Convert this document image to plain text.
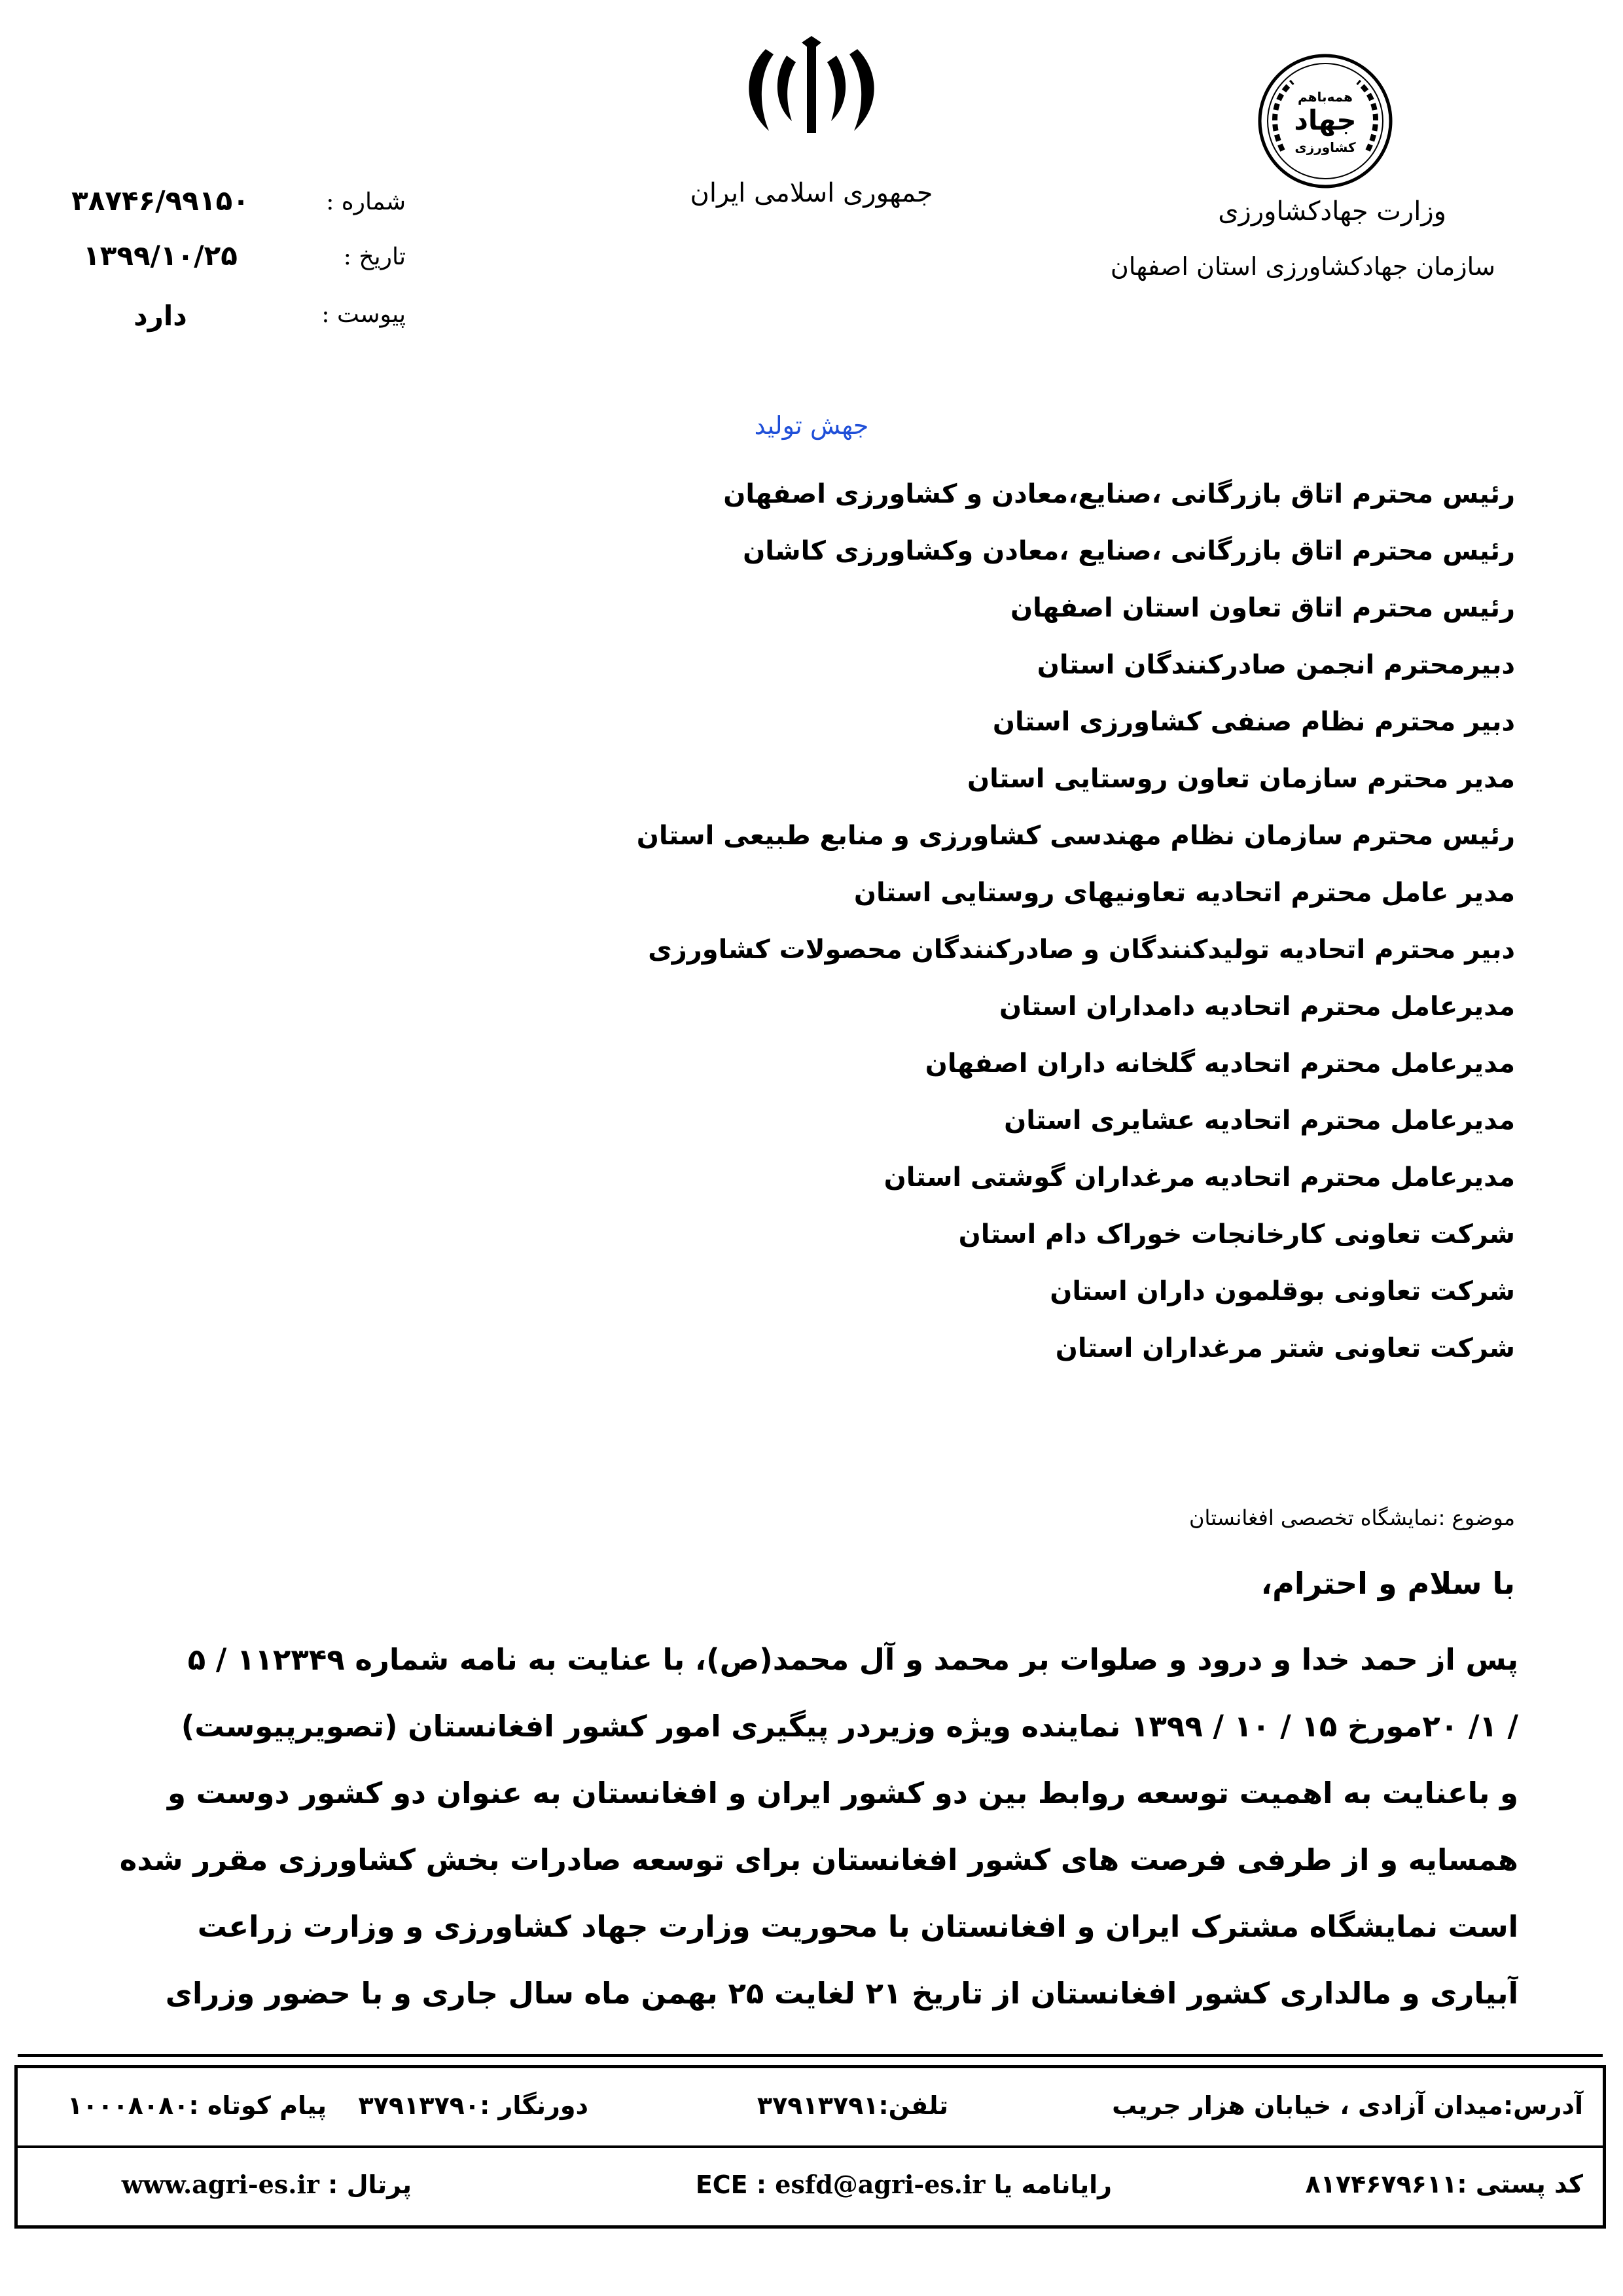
جمهوری اسلامی ایران
همه‌باهم
جهاد
کشاورزی
وزارت جهادکشاورزی
سازمان جهادکشاورزی استان اصفهان
شماره :
۳۸۷۴۶/۹۹۱۵۰
تاریخ :
۱۳۹۹/۱۰/۲۵
پیوست :
دارد
جهش تولید
رئیس محترم اتاق بازرگانی ،صنایع،معادن و کشاورزی اصفهان
رئیس محترم اتاق بازرگانی ،صنایع ،معادن وکشاورزی کاشان
رئیس محترم اتاق تعاون استان اصفهان
دبیرمحترم انجمن صادرکنندگان استان
دبیر محترم نظام صنفی کشاورزی استان
مدیر محترم سازمان تعاون روستایی استان
رئیس محترم سازمان نظام مهندسی کشاورزی و منابع طبیعی استان
مدیر عامل محترم اتحادیه تعاونیهای روستایی استان
دبیر محترم اتحادیه تولیدکنندگان و صادرکنندگان محصولات کشاورزی
مدیرعامل محترم اتحادیه دامداران استان
مدیرعامل محترم اتحادیه گلخانه داران اصفهان
مدیرعامل محترم اتحادیه عشایری استان
مدیرعامل محترم اتحادیه مرغداران گوشتی استان
شرکت تعاونی کارخانجات خوراک دام استان
شرکت تعاونی بوقلمون داران استان
شرکت تعاونی شتر مرغداران استان
موضوع :نمایشگاه تخصصی افغانستان
با سلام و احترام،
پس از حمد خدا و درود و صلوات بر محمد و آل محمد(ص)، با عنایت به نامه شماره ۱۱۲۳۴۹ / ۵
/ ۱/ ۲۰مورخ ۱۵ / ۱۰ / ۱۳۹۹ نماینده ویژه وزیردر پیگیری امور کشور افغانستان (تصویرپیوست)
و باعنایت به اهمیت توسعه روابط بین دو کشور ایران و افغانستان به عنوان دو کشور دوست و
همسایه و از طرفی فرصت های کشور افغانستان برای توسعه صادرات بخش کشاورزی مقرر شده
است نمایشگاه مشترک ایران و افغانستان با محوریت وزارت جهاد کشاورزی و وزارت زراعت
آبیاری و مالداری کشور افغانستان از تاریخ ۲۱ لغایت ۲۵ بهمن ماه سال جاری و با حضور وزرای
آدرس:میدان آزادی ، خیابان هزار جریب
تلفن:۳۷۹۱۳۷۹۱
دورنگار :۳۷۹۱۳۷۹۰
پیام کوتاه :۱۰۰۰۸۰۸۰
کد پستی :۸۱۷۴۶۷۹۶۱۱
رایانامه یا ECE : esfd@agri-es.ir
پرتال : www.agri-es.ir
